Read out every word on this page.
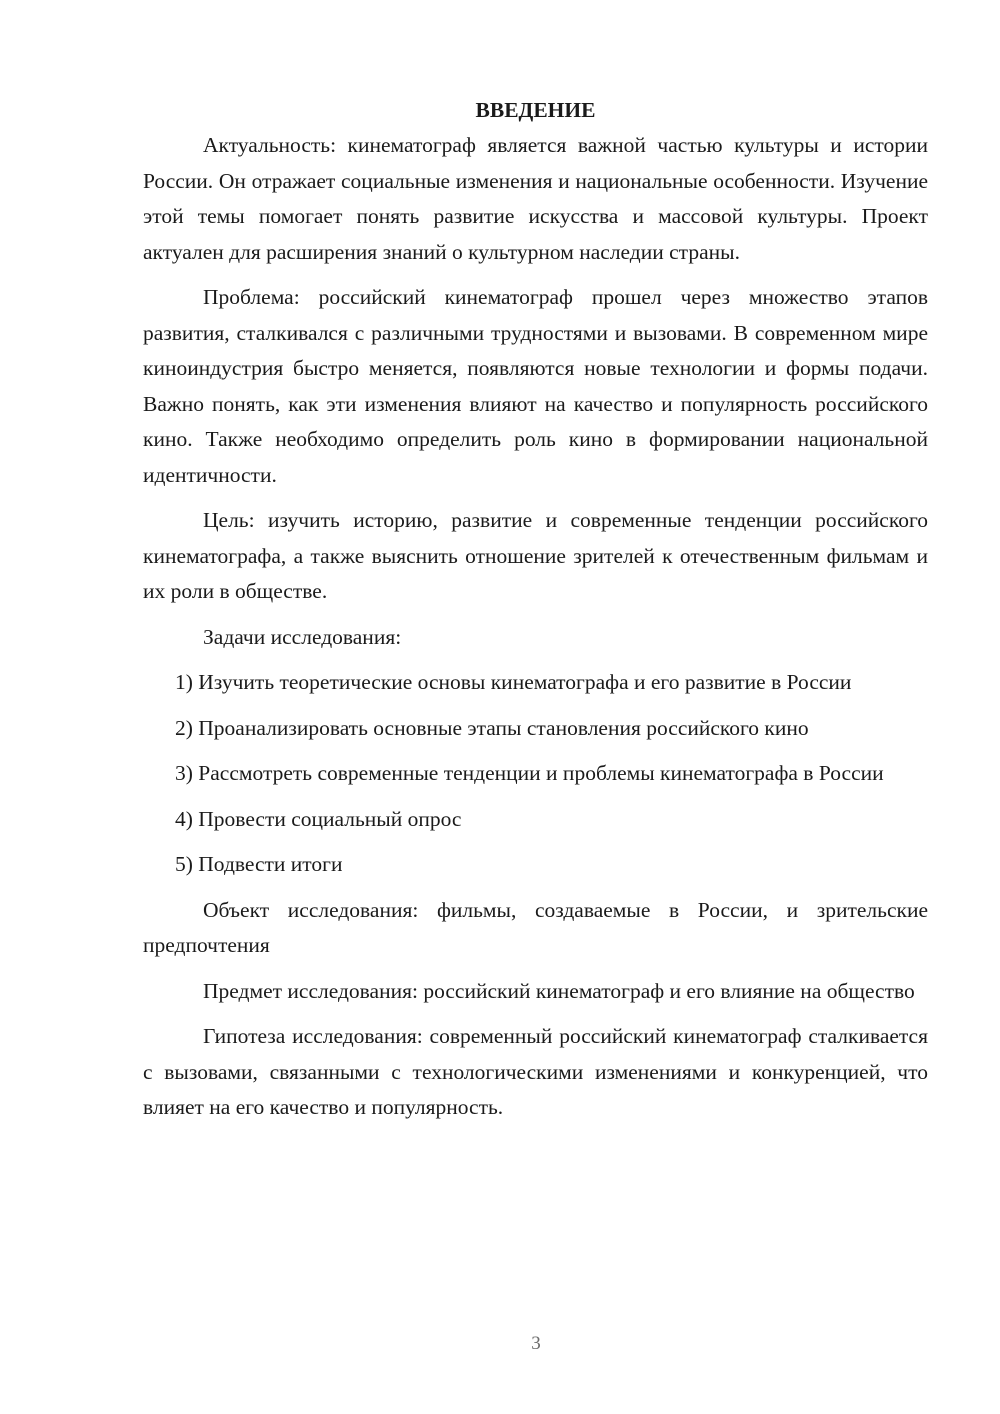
ВВЕДЕНИЕ

Актуальность: кинематограф является важной частью культуры и истории России. Он отражает социальные изменения и национальные особенности. Изучение этой темы помогает понять развитие искусства и массовой культуры. Проект актуален для расширения знаний о культурном наследии страны.

Проблема: российский кинематограф прошел через множество этапов развития, сталкивался с различными трудностями и вызовами. В современном мире киноиндустрия быстро меняется, появляются новые технологии и формы подачи. Важно понять, как эти изменения влияют на качество и популярность российского кино. Также необходимо определить роль кино в формировании национальной идентичности.

Цель: изучить историю, развитие и современные тенденции российского кинематографа, а также выяснить отношение зрителей к отечественным фильмам и их роли в обществе.

Задачи исследования:

1) Изучить теоретические основы кинематографа и его развитие в России

2) Проанализировать основные этапы становления российского кино

3) Рассмотреть современные тенденции и проблемы кинематографа в России

4) Провести социальный опрос

5) Подвести итоги

Объект исследования: фильмы, создаваемые в России, и зрительские предпочтения

Предмет исследования: российский кинематограф и его влияние на общество

Гипотеза исследования: современный российский кинематограф сталкивается с вызовами, связанными с технологическими изменениями и конкуренцией, что влияет на его качество и популярность.

3
